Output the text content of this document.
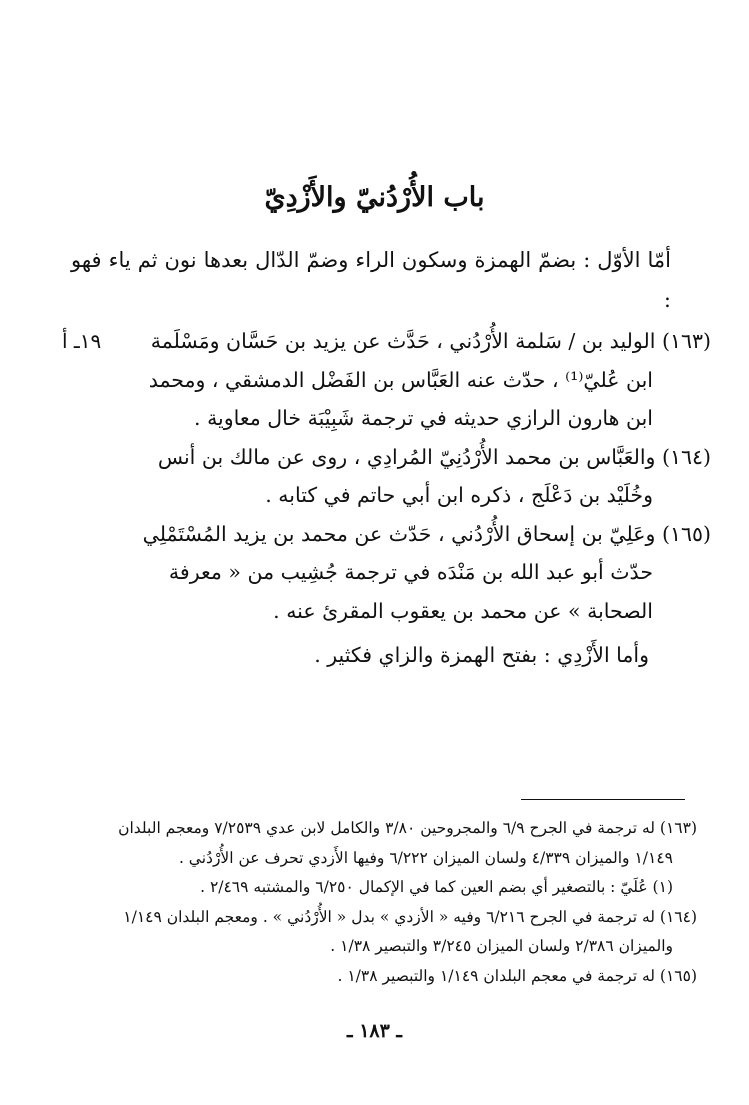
باب الأُرْدُنيّ والأَزْدِيّ
أمّا الأوّل : بضمّ الهمزة وسكون الراء وضمّ الدّال بعدها نون ثم ياء فهو :
١٩ـ أ	(١٦٣) الوليد بن / سَلمة الأُرْدُني ، حَدَّث عن يزيد بن حَسَّان ومَسْلَمة

ابن عُليّ⁽¹⁾ ، حدّث عنه العَبَّاس بن الفَضْل الدمشقي ، ومحمد

ابن هارون الرازي حديثه في ترجمة شَبِيْبَة خال معاوية .

(١٦٤) والعَبَّاس بن محمد الأُرْدُنِيّ المُرادِي ، روى عن مالك بن أنس

وخُلَيْد بن دَعْلَج ، ذكره ابن أبي حاتم في كتابه .

(١٦٥) وعَلِيّ بن إسحاق الأُرْدُني ، حَدّث عن محمد بن يزيد المُسْتَمْلِي

حدّث أبو عبد الله بن مَنْدَه في ترجمة جُشِيب من « معرفة

الصحابة » عن محمد بن يعقوب المقرئ عنه .

وأما الأَزْدِي : بفتح الهمزة والزاي فكثير .

(١٦٣) له ترجمة في الجرح ٦/٩ والمجروحين ٣/٨٠ والكامل لابن عدي ٧/٢٥٣٩ ومعجم البلدان

١/١٤٩ والميزان ٤/٣٣٩ ولسان الميزان ٦/٢٢٢ وفيها الأَزدي تحرف عن الأُرْدُني .

(١) عُلَيّ : بالتصغير أي بضم العين كما في الإكمال ٦/٢٥٠ والمشتبه ٢/٤٦٩ .

(١٦٤) له ترجمة في الجرح ٦/٢١٦ وفيه « الأزدي » بدل « الأُرْدُني » . ومعجم البلدان ١/١٤٩

والميزان ٢/٣٨٦ ولسان الميزان ٣/٢٤٥ والتبصير ١/٣٨ .

(١٦٥) له ترجمة في معجم البلدان ١/١٤٩ والتبصير ١/٣٨ .

ـ ١٨٣ ـ
